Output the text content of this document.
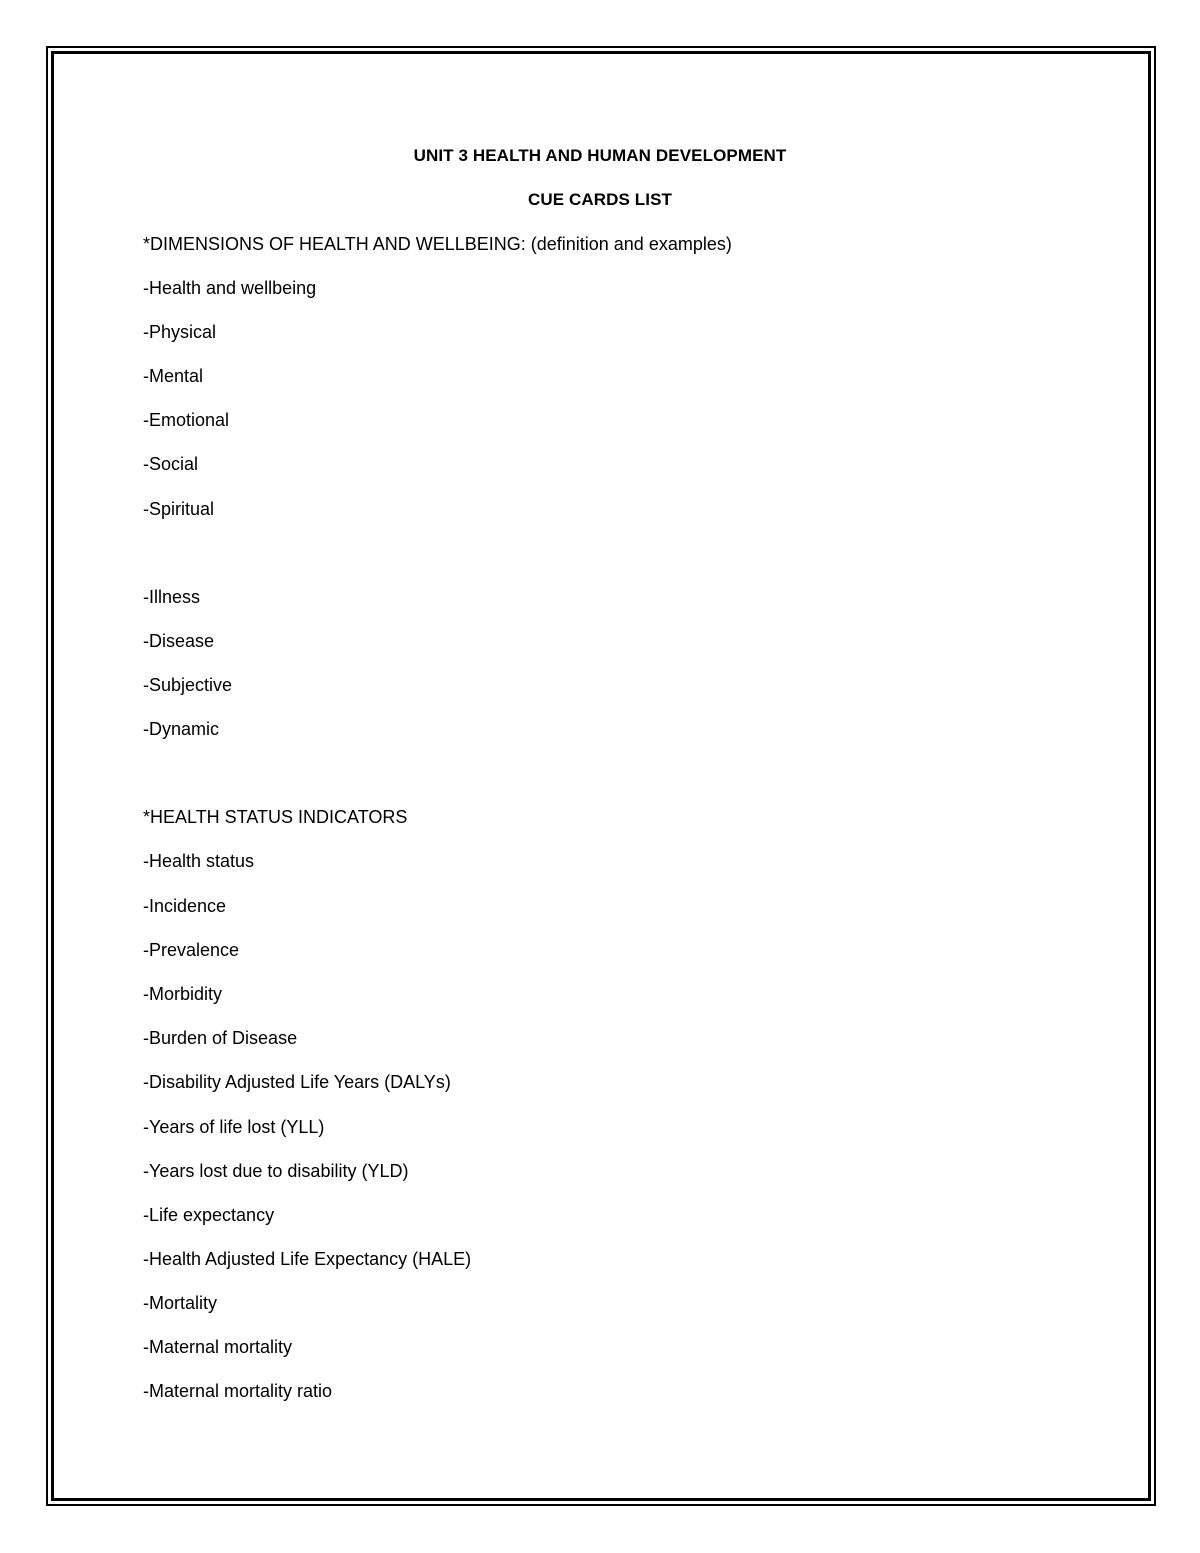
UNIT 3 HEALTH AND HUMAN DEVELOPMENT
CUE CARDS LIST
*DIMENSIONS OF HEALTH AND WELLBEING: (definition and examples)
-Health and wellbeing
-Physical
-Mental
-Emotional
-Social
-Spiritual
-Illness
-Disease
-Subjective
-Dynamic
*HEALTH STATUS INDICATORS
-Health status
-Incidence
-Prevalence
-Morbidity
-Burden of Disease
-Disability Adjusted Life Years (DALYs)
-Years of life lost (YLL)
-Years lost due to disability (YLD)
-Life expectancy
-Health Adjusted Life Expectancy (HALE)
-Mortality
-Maternal mortality
-Maternal mortality ratio
